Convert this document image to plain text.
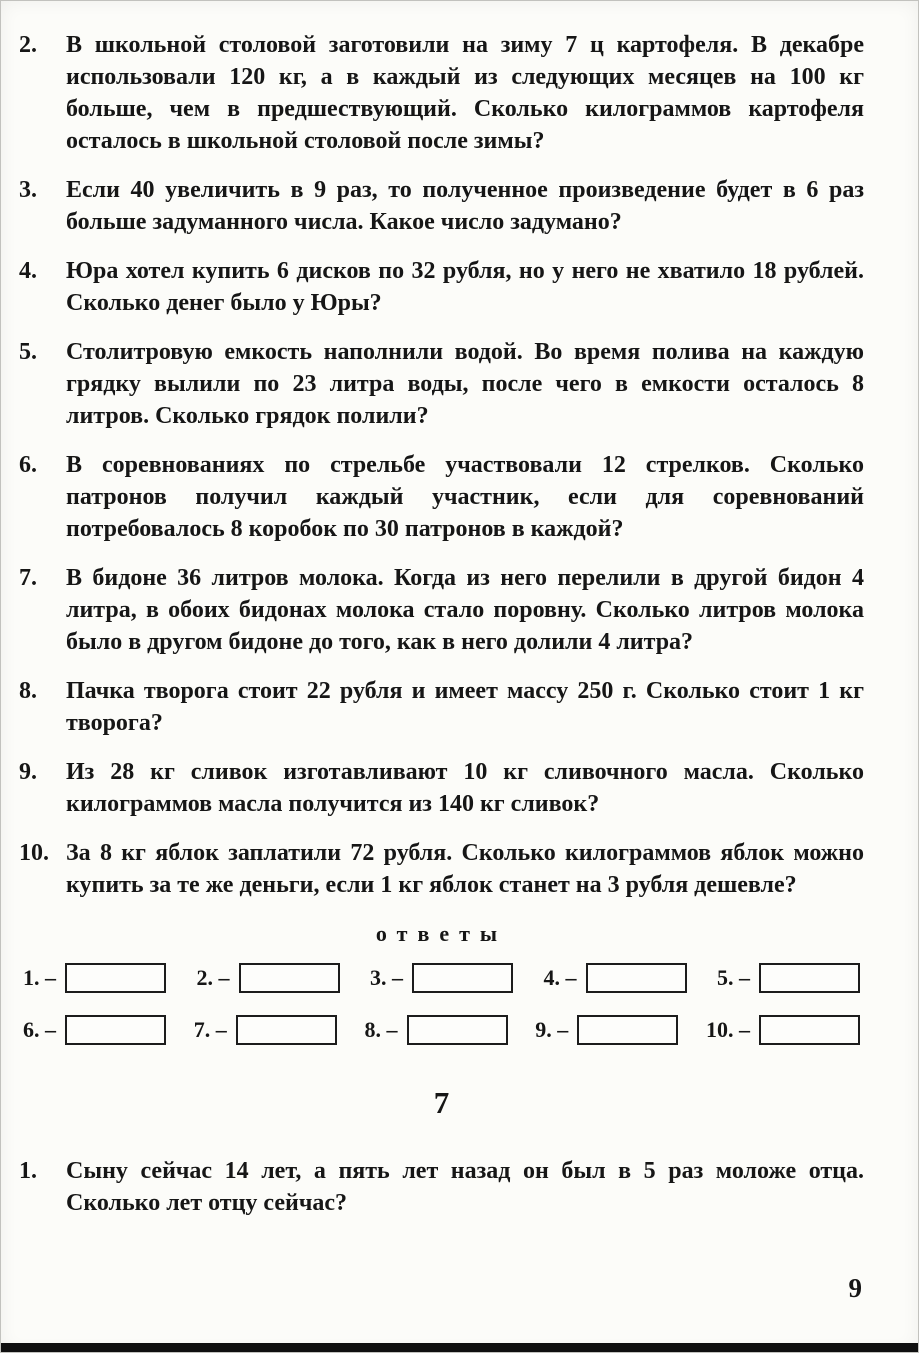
2.	В школьной столовой заготовили на зиму 7 ц картофеля. В декабре использовали 120 кг, а в каждый из следующих месяцев на 100 кг больше, чем в предшествующий. Сколько килограммов картофеля осталось в школьной столовой после зимы?
3.	Если 40 увеличить в 9 раз, то полученное произведение будет в 6 раз больше задуманного числа. Какое число задумано?
4.	Юра хотел купить 6 дисков по 32 рубля, но у него не хватило 18 рублей. Сколько денег было у Юры?
5.	Столитровую емкость наполнили водой. Во время полива на каждую грядку вылили по 23 литра воды, после чего в емкости осталось 8 литров. Сколько грядок полили?
6.	В соревнованиях по стрельбе участвовали 12 стрелков. Сколько патронов получил каждый участник, если для соревнований потребовалось 8 коробок по 30 патронов в каждой?
7.	В бидоне 36 литров молока. Когда из него перелили в другой бидон 4 литра, в обоих бидонах молока стало поровну. Сколько литров молока было в другом бидоне до того, как в него долили 4 литра?
8.	Пачка творога стоит 22 рубля и имеет массу 250 г. Сколько стоит 1 кг творога?
9.	Из 28 кг сливок изготавливают 10 кг сливочного масла. Сколько килограммов масла получится из 140 кг сливок?
10. За 8 кг яблок заплатили 72 рубля. Сколько килограммов яблок можно купить за те же деньги, если 1 кг яблок станет на 3 рубля дешевле?
ответы
1. –	2. –	3. –	4. –	5. –
6. –	7. –	8. –	9. –	10. –
7
1.	Сыну сейчас 14 лет, а пять лет назад он был в 5 раз моложе отца. Сколько лет отцу сейчас?
9
